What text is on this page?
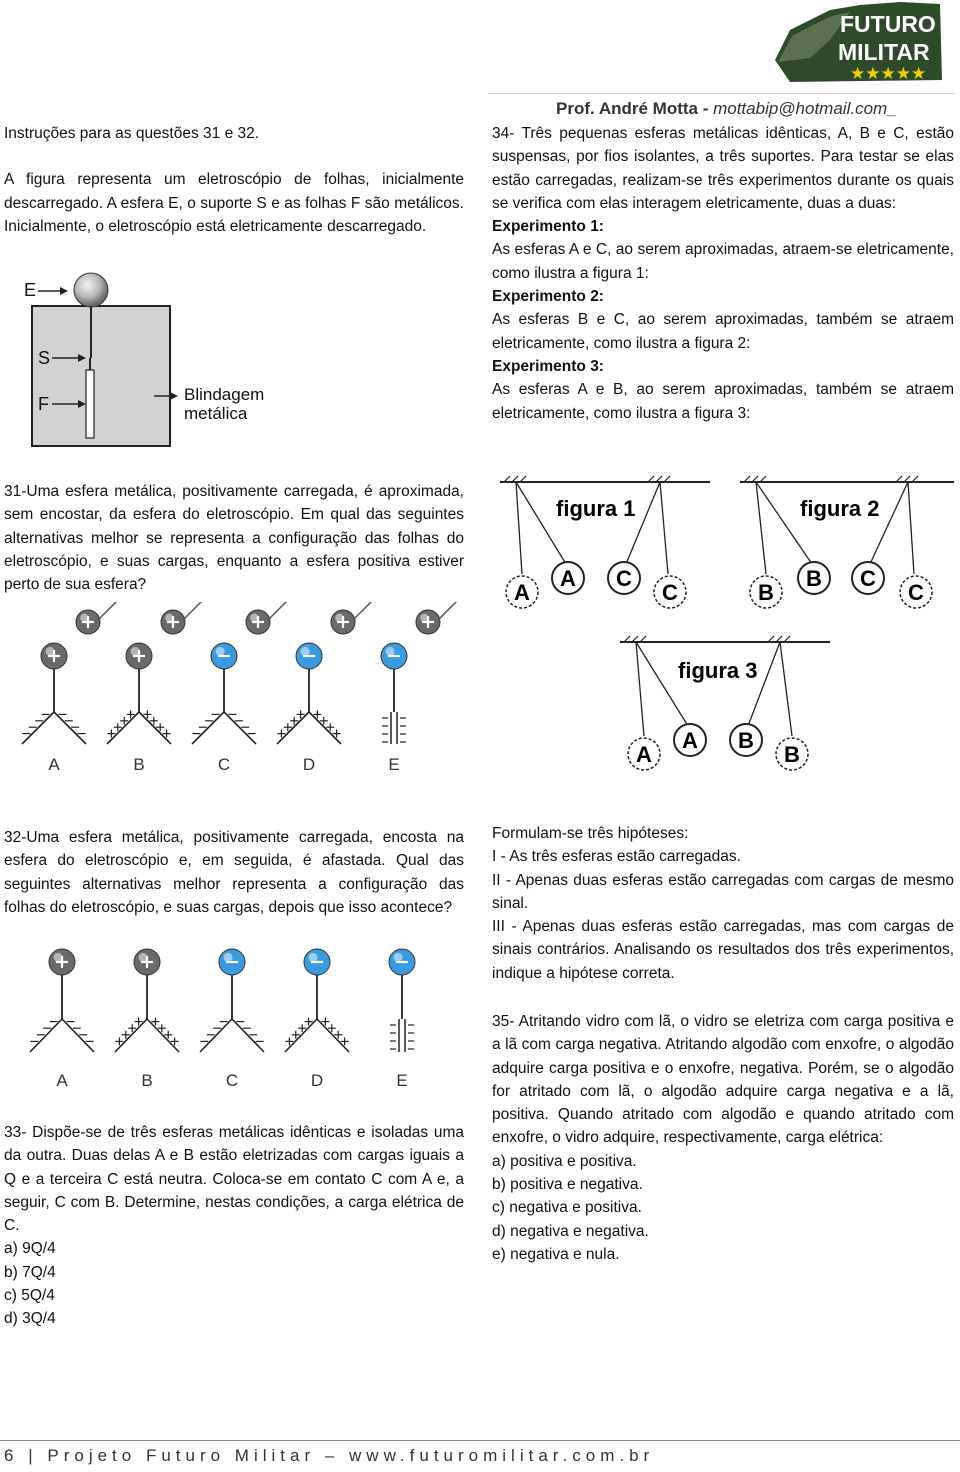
FUTURO
MILITAR
★★★★★
Prof. André Motta - mottabip@hotmail.com_

Instruções para as questões 31 e 32.

A figura representa um eletroscópio de folhas, inicialmente descarregado. A esfera E, o suporte S e as folhas F são metálicos. Inicialmente, o eletroscópio está eletricamente descarregado.

E
S
F	Blindagem
metálica

34- Três pequenas esferas metálicas idênticas, A, B e C, estão suspensas, por fios isolantes, a três suportes. Para testar se elas estão carregadas, realizam-se três experimentos durante os quais se verifica com elas interagem eletricamente, duas a duas:

Experimento 1:

As esferas A e C, ao serem aproximadas, atraem-se eletricamente, como ilustra a figura 1:

Experimento 2:

As esferas B e C, ao serem aproximadas, também se atraem eletricamente, como ilustra a figura 2:

Experimento 3:

As esferas A e B, ao serem aproximadas, também se atraem eletricamente, como ilustra a figura 3:

31-Uma esfera metálica, positivamente carregada, é aproximada, sem encostar, da esfera do eletroscópio. Em qual das seguintes alternativas melhor se representa a configuração das folhas do eletroscópio, e suas cargas, enquanto a esfera positiva estiver perto de sua esfera?

A	B	C	D	E
A
A C
C
figura 1
B
B C
C
figura 2
A
A B
B
figura 3

32-Uma esfera metálica, positivamente carregada, encosta na esfera do eletroscópio e, em seguida, é afastada. Qual das seguintes alternativas melhor representa a configuração das folhas do eletroscópio, e suas cargas, depois que isso acontece?

A	B	C	D	E

Formulam-se três hipóteses:

I - As três esferas estão carregadas.

II - Apenas duas esferas estão carregadas com cargas de mesmo sinal.

III - Apenas duas esferas estão carregadas, mas com cargas de sinais contrários. Analisando os resultados dos três experimentos, indique a hipótese correta.

35- Atritando vidro com lã, o vidro se eletriza com carga positiva e a lã com carga negativa. Atritando algodão com enxofre, o algodão adquire carga positiva e o enxofre, negativa. Porém, se o algodão for atritado com lã, o algodão adquire carga negativa e a lã, positiva. Quando atritado com algodão e quando atritado com enxofre, o vidro adquire, respectivamente, carga elétrica:

a) positiva e positiva.

b) positiva e negativa.

c) negativa e positiva.

d) negativa e negativa.

e) negativa e nula.

33- Dispõe-se de três esferas metálicas idênticas e isoladas uma da outra. Duas delas A e B estão eletrizadas com cargas iguais a Q e a terceira C está neutra. Coloca-se em contato C com A e, a seguir, C com B. Determine, nestas condições, a carga elétrica de C.

a) 9Q/4

b) 7Q/4

c) 5Q/4

d) 3Q/4

6 | Projeto Futuro Militar – www.futuromilitar.com.br
